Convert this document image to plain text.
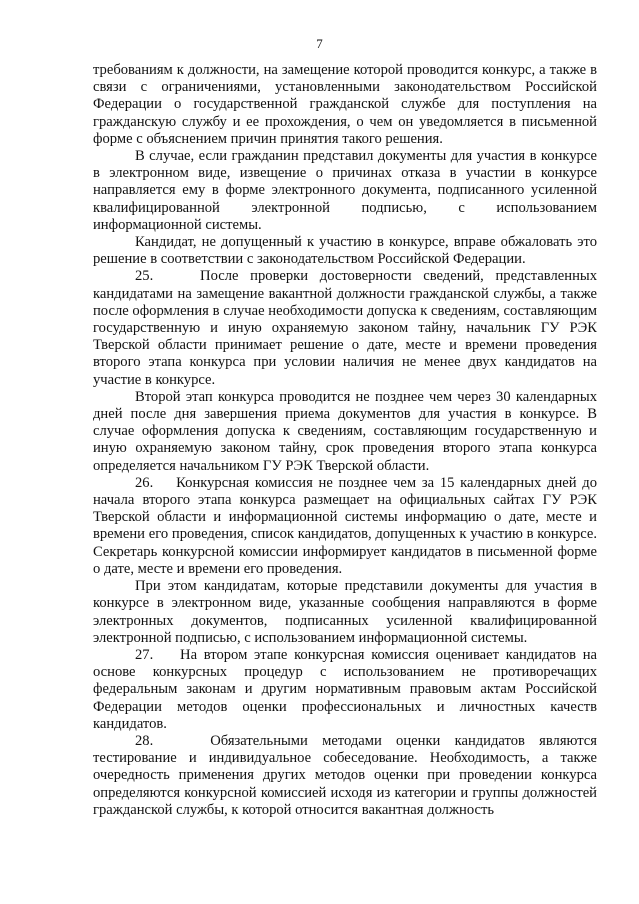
7

требованиям к должности, на замещение которой проводится конкурс, а также в связи с ограничениями, установленными законодательством Российской Федерации о государственной гражданской службе для поступления на гражданскую службу и ее прохождения, о чем он уведомляется в письменной форме с объяснением причин принятия такого решения.

В случае, если гражданин представил документы для участия в конкурсе в электронном виде, извещение о причинах отказа в участии в конкурсе направляется ему в форме электронного документа, подписанного усиленной квалифицированной электронной подписью, с использованием информационной системы.

Кандидат, не допущенный к участию в конкурсе, вправе обжаловать это решение в соответствии с законодательством Российской Федерации.

25.    После проверки достоверности сведений, представленных кандидатами на замещение вакантной должности гражданской службы, а также после оформления в случае необходимости допуска к сведениям, составляющим государственную и иную охраняемую законом тайну, начальник ГУ РЭК Тверской области принимает решение о дате, месте и времени проведения второго этапа конкурса при условии наличия не менее двух кандидатов на участие в конкурсе.

Второй этап конкурса проводится не позднее чем через 30 календарных дней после дня завершения приема документов для участия в конкурсе. В случае оформления допуска к сведениям, составляющим государственную и иную охраняемую законом тайну, срок проведения второго этапа конкурса определяется начальником ГУ РЭК Тверской области.

26.    Конкурсная комиссия не позднее чем за 15 календарных дней до начала второго этапа конкурса размещает на официальных сайтах ГУ РЭК Тверской области и информационной системы информацию о дате, месте и времени его проведения, список кандидатов, допущенных к участию в конкурсе. Секретарь конкурсной комиссии информирует кандидатов в письменной форме о дате, месте и времени его проведения.

При этом кандидатам, которые представили документы для участия в конкурсе в электронном виде, указанные сообщения направляются в форме электронных документов, подписанных усиленной квалифицированной электронной подписью, с использованием информационной системы.

27.    На втором этапе конкурсная комиссия оценивает кандидатов на основе конкурсных процедур с использованием не противоречащих федеральным законам и другим нормативным правовым актам Российской Федерации методов оценки профессиональных и личностных качеств кандидатов.

28.    Обязательными методами оценки кандидатов являются тестирование и индивидуальное собеседование. Необходимость, а также очередность применения других методов оценки при проведении конкурса определяются конкурсной комиссией исходя из категории и группы должностей гражданской службы, к которой относится вакантная должность
